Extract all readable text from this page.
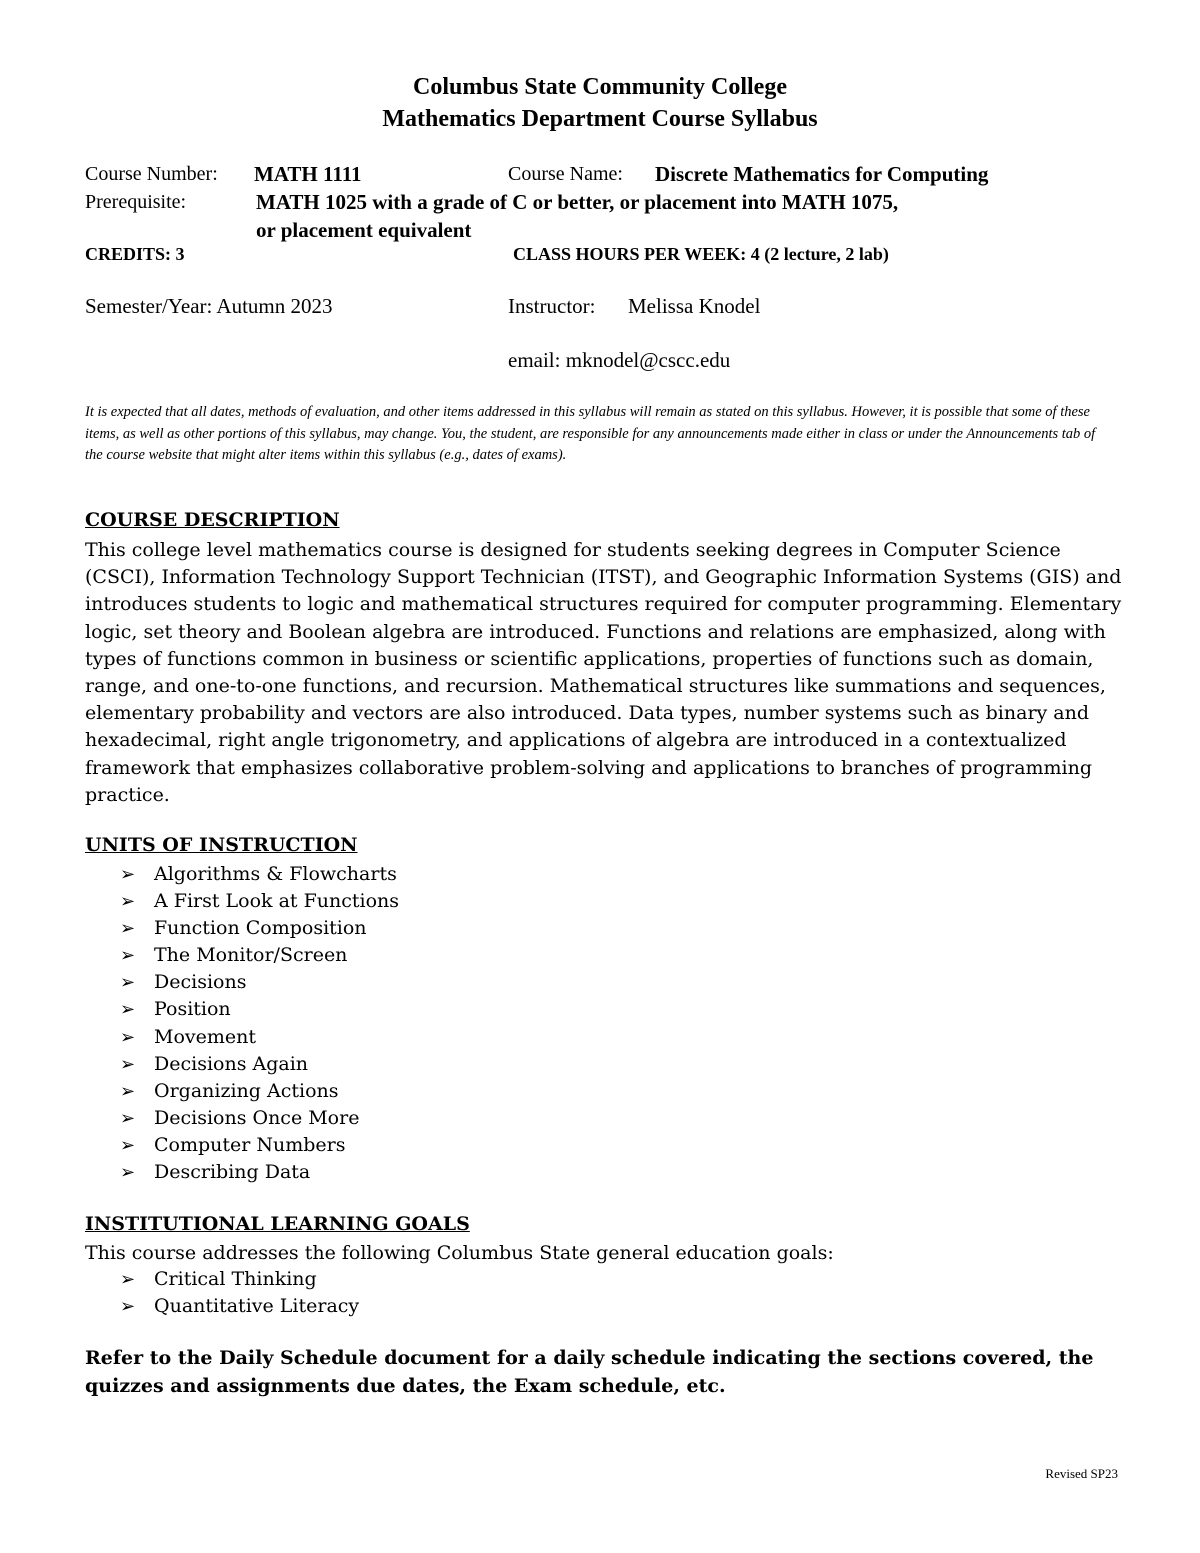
Columbus State Community College
Mathematics Department Course Syllabus
Course Number: MATH 1111	Course Name: Discrete Mathematics for Computing
Prerequisite:	MATH 1025 with a grade of C or better, or placement into MATH 1075,
or placement equivalent
CREDITS: 3	CLASS HOURS PER WEEK: 4 (2 lecture, 2 lab)
Semester/Year: Autumn 2023	Instructor: Melissa Knodel
email: mknodel@cscc.edu
It is expected that all dates, methods of evaluation, and other items addressed in this syllabus will remain as stated on this syllabus. However, it is possible that some of these items, as well as other portions of this syllabus, may change. You, the student, are responsible for any announcements made either in class or under the Announcements tab of the course website that might alter items within this syllabus (e.g., dates of exams).
COURSE DESCRIPTION
This college level mathematics course is designed for students seeking degrees in Computer Science (CSCI), Information Technology Support Technician (ITST), and Geographic Information Systems (GIS) and introduces students to logic and mathematical structures required for computer programming. Elementary logic, set theory and Boolean algebra are introduced. Functions and relations are emphasized, along with types of functions common in business or scientific applications, properties of functions such as domain, range, and one-to-one functions, and recursion. Mathematical structures like summations and sequences, elementary probability and vectors are also introduced. Data types, number systems such as binary and hexadecimal, right angle trigonometry, and applications of algebra are introduced in a contextualized framework that emphasizes collaborative problem-solving and applications to branches of programming practice.
UNITS OF INSTRUCTION
➢ Algorithms & Flowcharts
➢ A First Look at Functions
➢ Function Composition
➢ The Monitor/Screen
➢ Decisions
➢ Position
➢ Movement
➢ Decisions Again
➢ Organizing Actions
➢ Decisions Once More
➢ Computer Numbers
➢ Describing Data
INSTITUTIONAL LEARNING GOALS
This course addresses the following Columbus State general education goals:
➢ Critical Thinking
➢ Quantitative Literacy
Refer to the Daily Schedule document for a daily schedule indicating the sections covered, the quizzes and assignments due dates, the Exam schedule, etc.
Revised SP23
